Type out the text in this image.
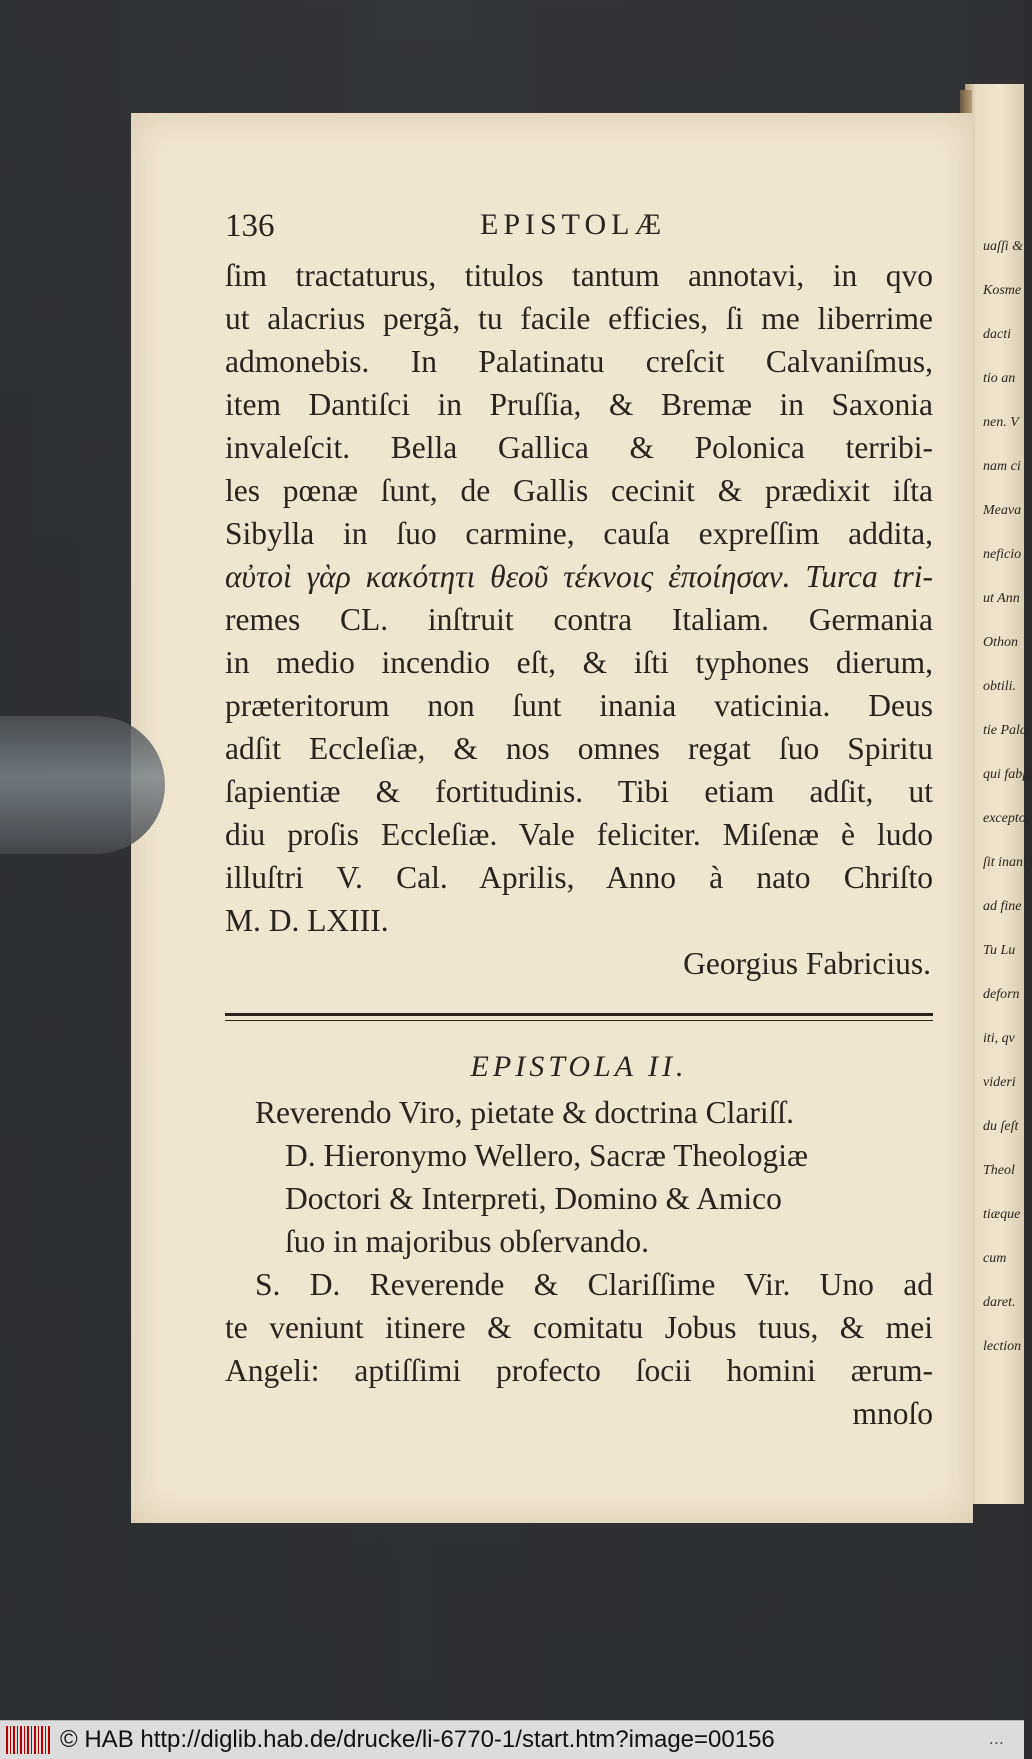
uaſſi &
Kosme
dacti
tio an
nen. V
nam ci
Meava
neficio
ut Ann
Othon
obtili.
tie Pala
qui fabſc
excepto
ſit inani
ad fine
Tu Lu
deforn
iti, qv
videri
du ſeſt
Theol
tiæque
cum
daret.
lection
136	EPISTOLÆ
ſim tractaturus, titulos tantum annotavi, in qvo
ut alacrius pergã, tu facile efficies, ſi me liberrime
admonebis. In Palatinatu creſcit Calvaniſmus,
item Dantiſci in Pruſſia, & Bremæ in Saxonia
invaleſcit. Bella Gallica & Polonica terribi-
les pœnæ ſunt, de Gallis cecinit & prædixit iſta
Sibylla in ſuo carmine, cauſa expreſſim addita,
αὐτοὶ γὰρ κακότητι θεοῦ τέκνοις ἐποίησαν. Turca tri-
remes CL. inſtruit contra Italiam. Germania
in medio incendio eſt, & iſti typhones dierum,
præteritorum non ſunt inania vaticinia. Deus
adſit Eccleſiæ, & nos omnes regat ſuo Spiritu
ſapientiæ & fortitudinis. Tibi etiam adſit, ut
diu proſis Eccleſiæ. Vale feliciter. Miſenæ è ludo
illuſtri V. Cal. Aprilis, Anno à nato Chriſto
M. D. LXIII.
Georgius Fabricius.
EPISTOLA II.
Reverendo Viro, pietate & doctrina Clariſſ.
D. Hieronymo Wellero, Sacræ Theologiæ
Doctori & Interpreti, Domino & Amico
ſuo in majoribus obſervando.
S. D. Reverende & Clariſſime Vir. Uno ad
te veniunt itinere & comitatu Jobus tuus, & mei
Angeli: aptiſſimi profecto ſocii homini ærum-
mnoſo
© HAB http://diglib.hab.de/drucke/li-6770-1/start.htm?image=00156	...
